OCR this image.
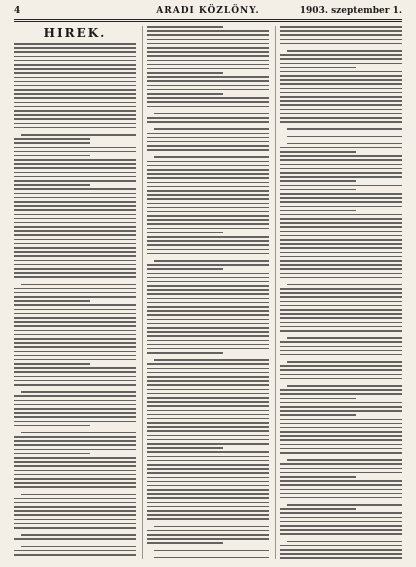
4	ARADI KÖZLÖNY.	1903. szeptember 1.
HIREK.
